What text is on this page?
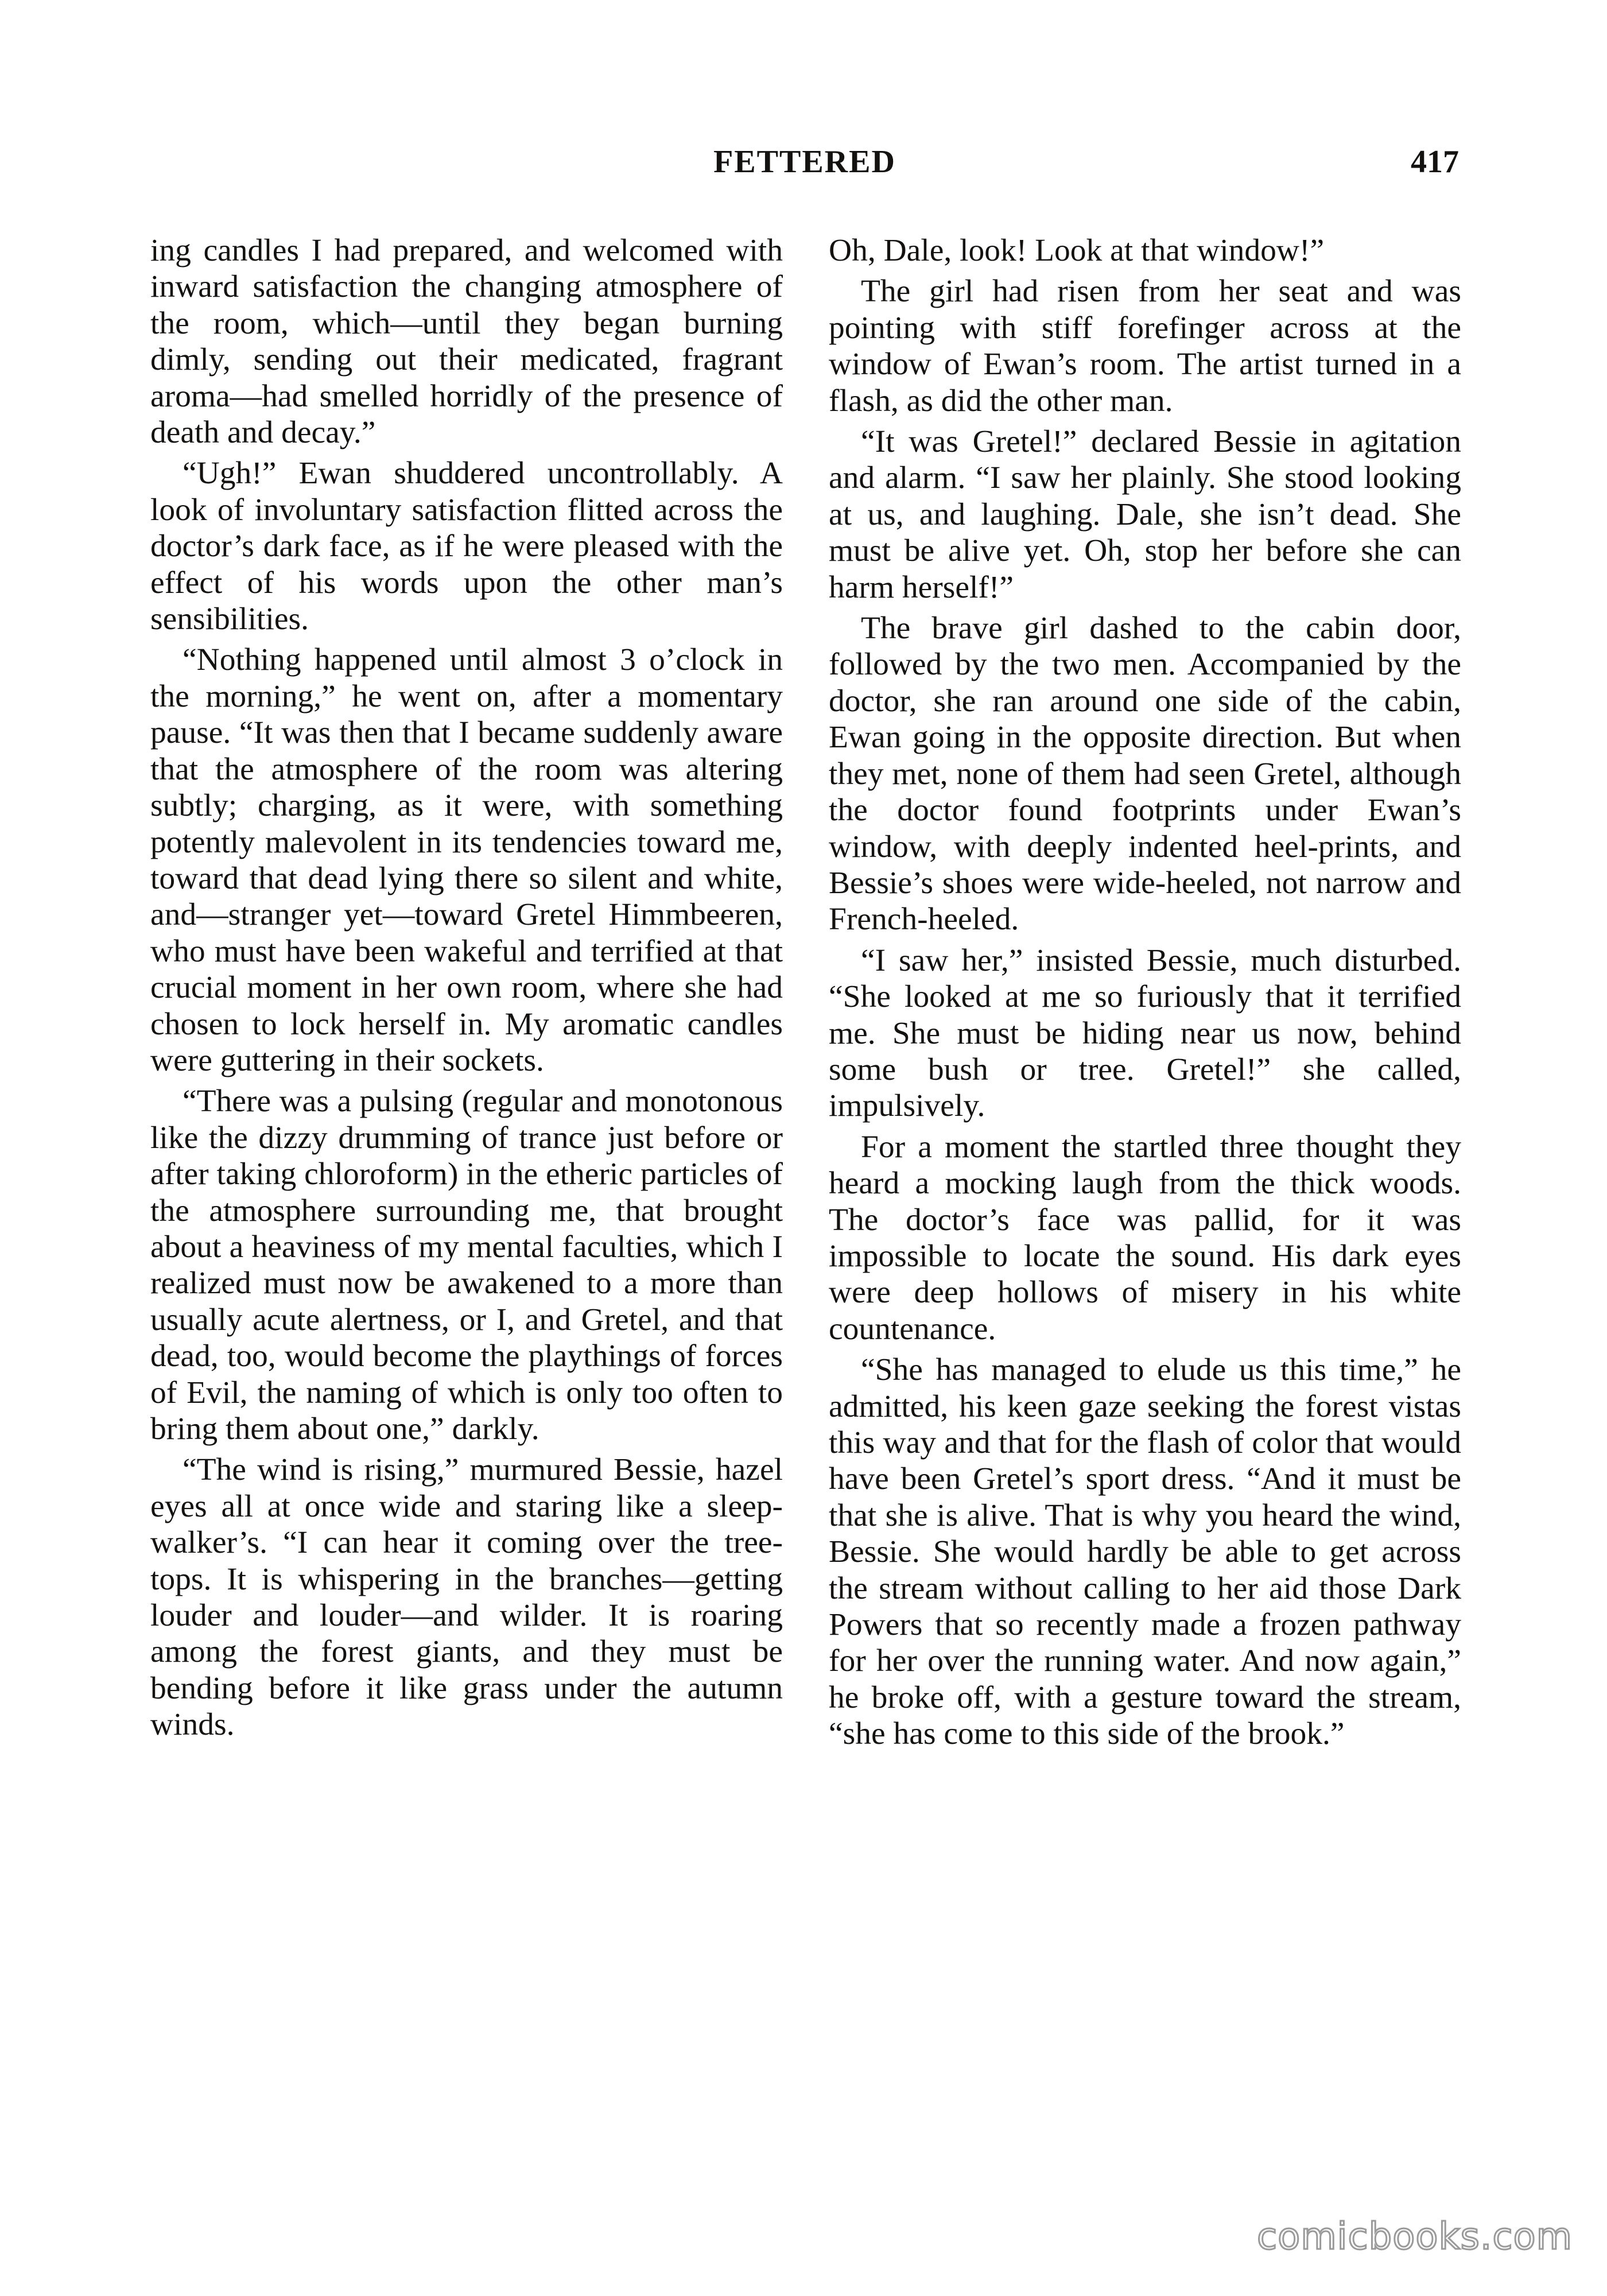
FETTERED	417

ing candles I had prepared, and welcomed with inward satisfaction the changing atmosphere of the room, which—until they began burning dimly, sending out their medicated, fragrant aroma—had smelled horridly of the presence of death and decay.”

“Ugh!” Ewan shuddered uncontrollably. A look of involuntary satisfaction flitted across the doctor’s dark face, as if he were pleased with the effect of his words upon the other man’s sensibilities.

“Nothing happened until almost 3 o’clock in the morning,” he went on, after a momentary pause. “It was then that I became suddenly aware that the atmosphere of the room was altering subtly; charging, as it were, with something potently malevolent in its tendencies toward me, toward that dead lying there so silent and white, and—stranger yet—toward Gretel Himmbeeren, who must have been wakeful and terrified at that crucial moment in her own room, where she had chosen to lock herself in. My aromatic candles were guttering in their sockets.

“There was a pulsing (regular and monotonous like the dizzy drumming of trance just before or after taking chloroform) in the etheric particles of the atmosphere surrounding me, that brought about a heaviness of my mental faculties, which I realized must now be awakened to a more than usually acute alertness, or I, and Gretel, and that dead, too, would become the playthings of forces of Evil, the naming of which is only too often to bring them about one,” darkly.

“The wind is rising,” murmured Bessie, hazel eyes all at once wide and staring like a sleep-walker’s. “I can hear it coming over the tree-tops. It is whispering in the branches—getting louder and louder—and wilder. It is roaring among the forest giants, and they must be bending before it like grass under the autumn winds.

Oh, Dale, look! Look at that window!”

The girl had risen from her seat and was pointing with stiff forefinger across at the window of Ewan’s room. The artist turned in a flash, as did the other man.

“It was Gretel!” declared Bessie in agitation and alarm. “I saw her plainly. She stood looking at us, and laughing. Dale, she isn’t dead. She must be alive yet. Oh, stop her before she can harm herself!”

The brave girl dashed to the cabin door, followed by the two men. Accompanied by the doctor, she ran around one side of the cabin, Ewan going in the opposite direction. But when they met, none of them had seen Gretel, although the doctor found footprints under Ewan’s window, with deeply indented heel-prints, and Bessie’s shoes were wide-heeled, not narrow and French-heeled.

“I saw her,” insisted Bessie, much disturbed. “She looked at me so furiously that it terrified me. She must be hiding near us now, behind some bush or tree. Gretel!” she called, impulsively.

For a moment the startled three thought they heard a mocking laugh from the thick woods. The doctor’s face was pallid, for it was impossible to locate the sound. His dark eyes were deep hollows of misery in his white countenance.

“She has managed to elude us this time,” he admitted, his keen gaze seeking the forest vistas this way and that for the flash of color that would have been Gretel’s sport dress. “And it must be that she is alive. That is why you heard the wind, Bessie. She would hardly be able to get across the stream without calling to her aid those Dark Powers that so recently made a frozen pathway for her over the running water. And now again,” he broke off, with a gesture toward the stream, “she has come to this side of the brook.”

comicbooks.com
